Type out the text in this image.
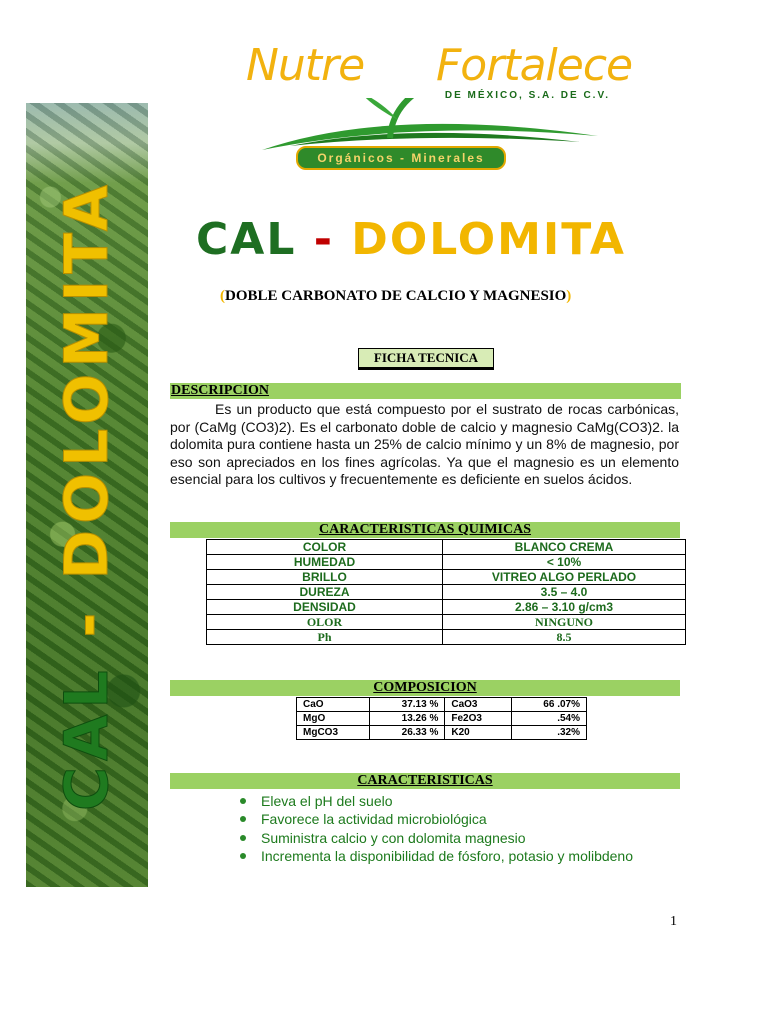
CAL
-
DOLOMITA
Nutre Fortalece
DE MÉXICO, S.A. DE C.V.
Orgánicos - Minerales
CAL - DOLOMITA
(DOBLE CARBONATO DE CALCIO Y MAGNESIO)
FICHA TECNICA
DESCRIPCION

Es un producto que está compuesto por el sustrato de rocas carbónicas, por (CaMg (CO3)2). Es el carbonato doble de calcio y magnesio CaMg(CO3)2. la dolomita pura contiene hasta un 25% de calcio mínimo y un 8% de magnesio, por eso son apreciados en los fines agrícolas. Ya que el magnesio es un elemento esencial para los cultivos y frecuentemente es deficiente en suelos ácidos.

CARACTERISTICAS QUIMICAS
COLOR	BLANCO CREMA
HUMEDAD	< 10%
BRILLO	VITREO ALGO PERLADO
DUREZA	3.5 – 4.0
DENSIDAD	2.86 – 3.10 g/cm3
OLOR	NINGUNO
Ph	8.5
COMPOSICION
CaO	37.13 %	CaO3	66 .07%
MgO	13.26 %	Fe2O3	.54%
MgCO3	26.33 %	K20	.32%
CARACTERISTICAS
Eleva el pH del suelo
Favorece la actividad microbiológica
Suministra calcio y con dolomita magnesio
Incrementa la disponibilidad de fósforo, potasio y molibdeno
1
